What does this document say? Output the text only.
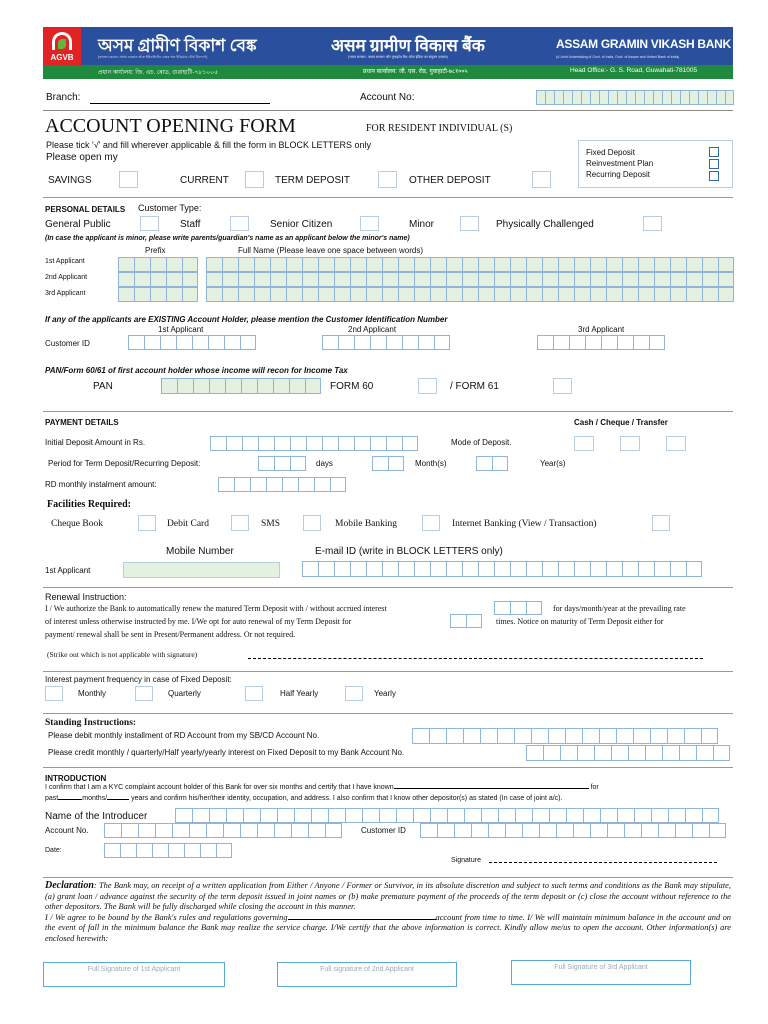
AGVB
অসম গ্ৰামীণ বিকাশ বেঙ্ক	असम ग्रामीण विकास बैंक	ASSAM GRAMIN VIKASH BANK
(ভাৰত চৰকাৰ, অসম চৰকাৰ আৰু ইউনাইটেড বেংক অব ইণ্ডিয়াৰ যৌথ উদ্যোগ)	(भारत सरकार, असम सरकार और यूनाइटेड बैंक ऑफ इंडिया का संयुक्त उपक्रम)	(A Joint Undertaking of Govt. of India, Govt. of Assam and United Bank of India)
প্ৰধান কাৰ্যালয়: জি. এচ. ৰোড, গুৱাহাটী-৭৮১০০৫	प्रधान कार्यालय: जी. एस. रोड, गुवाहाटी-७८१००५	Head Office:- G. S. Road, Guwahati-781005
Branch:	Account No:
ACCOUNT OPENING FORM	FOR RESIDENT INDIVIDUAL (S)
Please tick '√' and fill wherever applicable & fill the form in BLOCK LETTERS only
Please open my	Fixed Deposit
Reinvestment Plan
Recurring Deposit
SAVINGS	CURRENT	TERM DEPOSIT	OTHER DEPOSIT
PERSONAL DETAILS Customer Type:
General Public	Staff	Senior Citizen	Minor	Physically Challenged
(In case the applicant is minor, please write parents/guardian's name as an applicant below the minor's name)
Prefix	Full Name (Please leave one space between words)
1st Applicant
2nd Applicant
3rd Applicant
If any of the applicants are EXISTING Account Holder, please mention the Customer Identification Number
1st Applicant	2nd Applicant	3rd Applicant
Customer ID
PAN/Form 60/61 of first account holder whose income will recon for Income Tax
PAN	FORM 60	/ FORM 61
PAYMENT DETAILS	Cash / Cheque / Transfer
Initial Deposit Amount in Rs.	Mode of Deposit.
Period for Term Deposit/Recurring Deposit:	days	Month(s)	Year(s)
RD monthly instalment amount:
Facilities Required:
Cheque Book	Debit Card	SMS	Mobile Banking	Internet Banking (View / Transaction)
Mobile Number	E-mail ID (write in BLOCK LETTERS only)
1st Applicant
Renewal Instruction:
I / We authorize the Bank to automatically renew the matured Term Deposit with / without accrued interest	for days/month/year at the prevailing rate
of interest unless otherwise instructed by me. I/We opt for auto renewal of my Term Deposit for	times. Notice on maturity of Term Deposit either for
payment/ renewal shall be sent in Present/Permanent address. Or not required.
(Strike out which is not applicable with signature)
Interest payment frequency in case of Fixed Deposit:
Monthly	Quarterly	Half Yearly	Yearly
Standing Instructions:
Please debit monthly installment of RD Account from my SB/CD Account No.
Please credit monthly / quarterly/Half yearly/yearly interest on Fixed Deposit to my Bank Account No.
INTRODUCTION
I confirm that I am a KYC complaint account holder of this Bank for over six months and certify that I have known	for
past	months/	years and confirm his/her/their identity, occupation, and address. I also confirm that I know other depositor(s) as stated (In case of joint a/c).
Name of the Introducer
Account No.	Customer ID
Date:
Signature
Declaration: The Bank may, on receipt of a written application from Either / Anyone / Former or Survivor, in its absolute discretion and subject to such terms and conditions as the Bank may stipulate, (a) grant loan / advance against the security of the term deposit issued in joint names or (b) make premature payment of the proceeds of the term deposit or (c) close the account without reference to the other depositors. The Bank will be fully discharged while closing the account in this manner.
I / We agree to be bound by the Bank's rules and regulations governing	account from time to time. I/ We will maintain minimum balance in the account and on the event of fall in the minimum balance the Bank may realize the service charge. I/We certify that the above information is correct. Kindly allow me/us to open the account. Other information(s) are enclosed herewith:
Full Signature of 1st Applicant	Full signature of 2nd Applicant	Full Signature of 3rd Applicant
